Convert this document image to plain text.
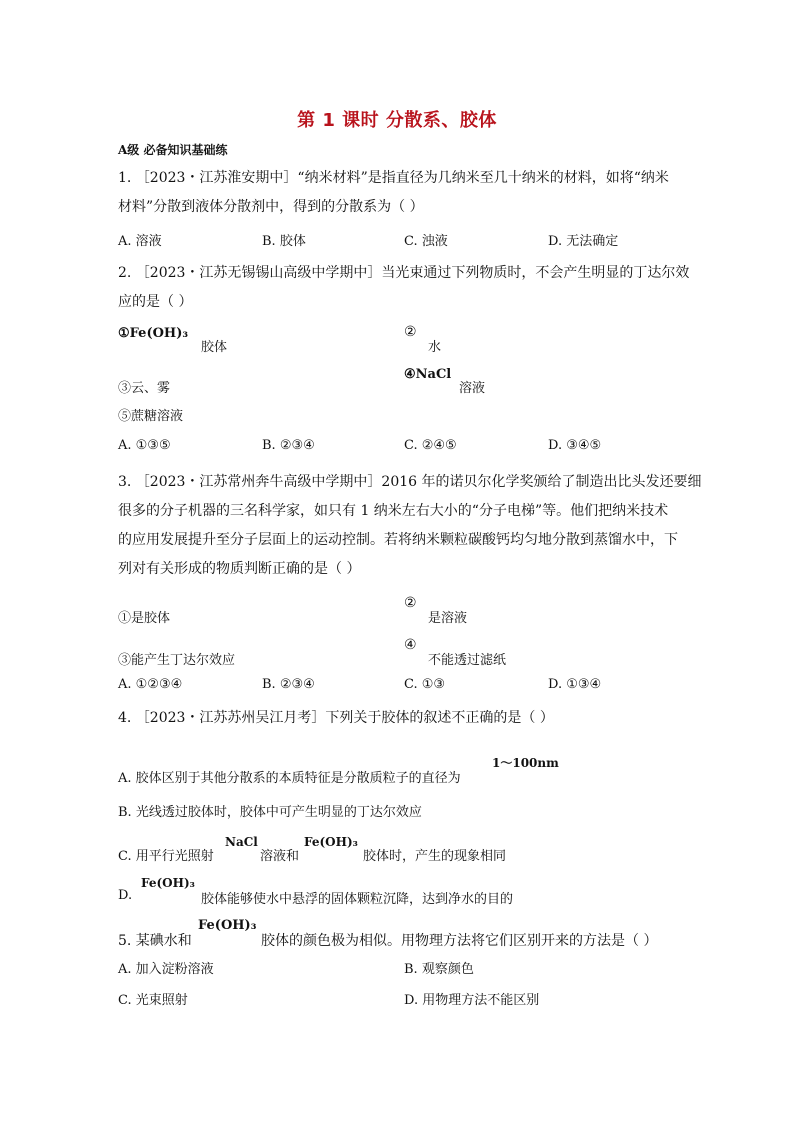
第 1 课时 分散系、胶体
A级 必备知识基础练
1. ［2023・江苏淮安期中］“纳米材料”是指直径为几纳米至几十纳米的材料，如将“纳米
材料”分散到液体分散剂中，得到的分散系为（ ）
A. 溶液	B. 胶体	C. 浊液	D. 无法确定
2. ［2023・江苏无锡锡山高级中学期中］当光束通过下列物质时，不会产生明显的丁达尔效
应的是（ ）
①Fe(OH)₃
胶体
②
水
③云、雾
④NaCl
溶液
⑤蔗糖溶液
A. ①③⑤	B. ②③④	C. ②④⑤	D. ③④⑤
3. ［2023・江苏常州奔牛高级中学期中］2016 年的诺贝尔化学奖颁给了制造出比头发还要细
很多的分子机器的三名科学家，如只有 1 纳米左右大小的“分子电梯”等。他们把纳米技术
的应用发展提升至分子层面上的运动控制。若将纳米颗粒碳酸钙均匀地分散到蒸馏水中，下
列对有关形成的物质判断正确的是（ ）
①是胶体
②
是溶液
③能产生丁达尔效应
④
不能透过滤纸
A. ①②③④	B. ②③④	C. ①③	D. ①③④
4. ［2023・江苏苏州吴江月考］下列关于胶体的叙述不正确的是（ ）
A. 胶体区别于其他分散系的本质特征是分散质粒子的直径为
1～100nm
B. 光线透过胶体时，胶体中可产生明显的丁达尔效应
C. 用平行光照射
NaCl
溶液和
Fe(OH)₃
胶体时，产生的现象相同
D.
Fe(OH)₃
胶体能够使水中悬浮的固体颗粒沉降，达到净水的目的
5. 某碘水和
Fe(OH)₃
胶体的颜色极为相似。用物理方法将它们区别开来的方法是（ ）
A. 加入淀粉溶液	B. 观察颜色
C. 光束照射	D. 用物理方法不能区别
